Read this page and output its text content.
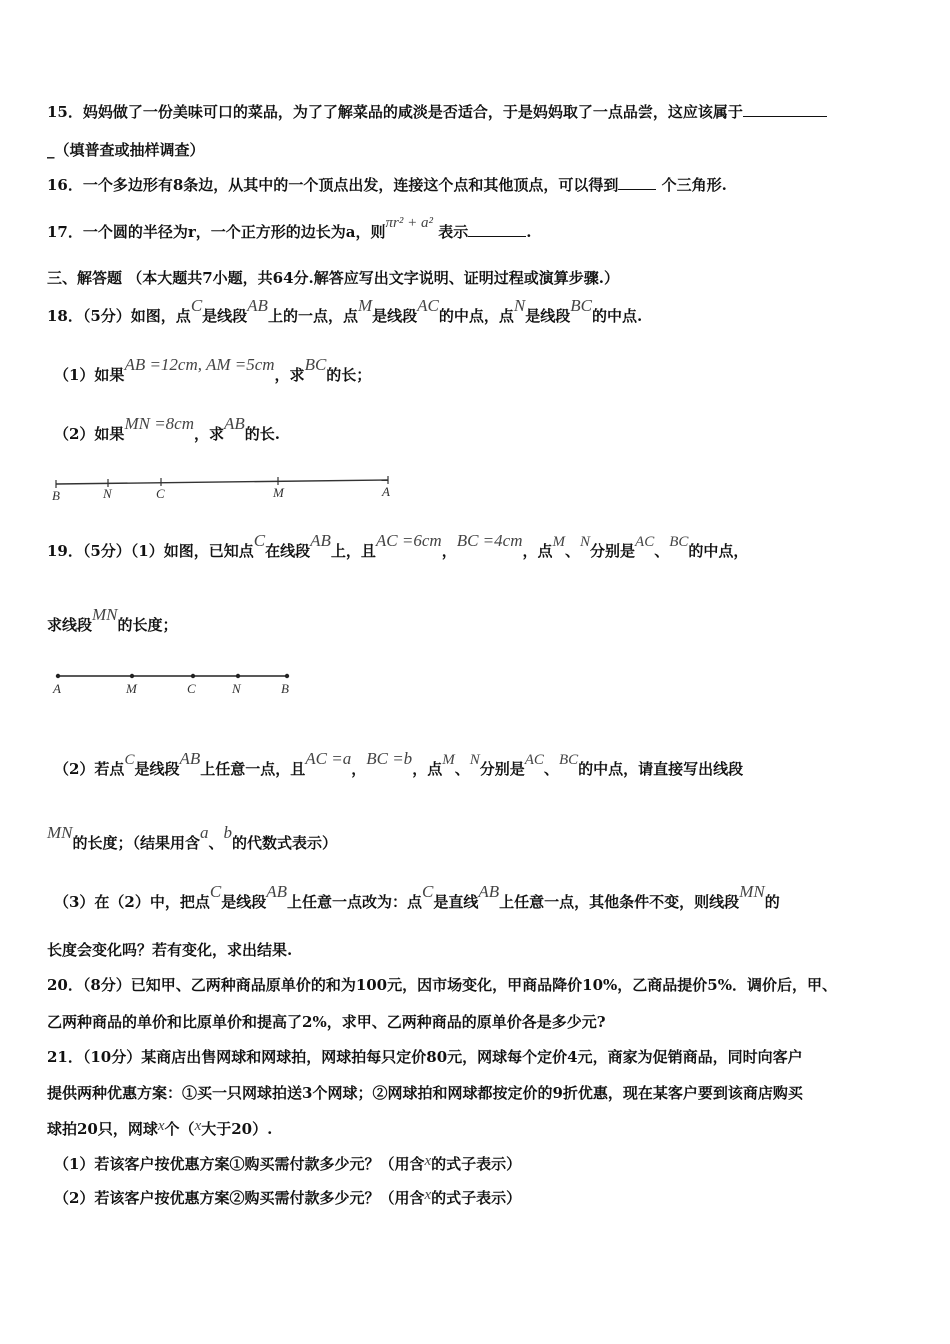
15．妈妈做了一份美味可口的菜品，为了了解菜品的咸淡是否适合，于是妈妈取了一点品尝，这应该属于
_（填普查或抽样调查）
16．一个多边形有8条边，从其中的一个顶点出发，连接这个点和其他顶点，可以得到	个三角形.
17．一个圆的半径为r，一个正方形的边长为a，则πr² + a² 表示	.
三、解答题 （本大题共7小题，共64分.解答应写出文字说明、证明过程或演算步骤.）
18．（5分）如图，点C是线段AB上的一点，点M是线段AC的中点，点N是线段BC的中点.
（1）如果AB =12cm, AM =5cm，求BC的长；
（2）如果MN =8cm，求AB的长.
B	N	C	M	A
19．（5分）（1）如图，已知点C在线段AB上，且AC =6cm，BC =4cm，点M、N分别是AC、BC的中点，
求线段MN的长度；
A	M	C	N	B
（2）若点C是线段AB上任意一点，且AC =a，BC =b，点M、N分别是AC、BC的中点，请直接写出线段
MN的长度；（结果用含a、b的代数式表示）
（3）在（2）中，把点C是线段AB上任意一点改为：点C是直线AB上任意一点，其他条件不变，则线段MN的
长度会变化吗？若有变化，求出结果.
20．（8分）已知甲、乙两种商品原单价的和为100元，因市场变化，甲商品降价10%，乙商品提价5%．调价后，甲、
乙两种商品的单价和比原单价和提高了2%，求甲、乙两种商品的原单价各是多少元?
21．（10分）某商店出售网球和网球拍，网球拍每只定价80元，网球每个定价4元，商家为促销商品，同时向客户
提供两种优惠方案：①买一只网球拍送3个网球；②网球拍和网球都按定价的9折优惠，现在某客户要到该商店购买
球拍20只，网球x个（x大于20）.
（1）若该客户按优惠方案①购买需付款多少元？（用含x的式子表示）
（2）若该客户按优惠方案②购买需付款多少元？（用含x的式子表示）
